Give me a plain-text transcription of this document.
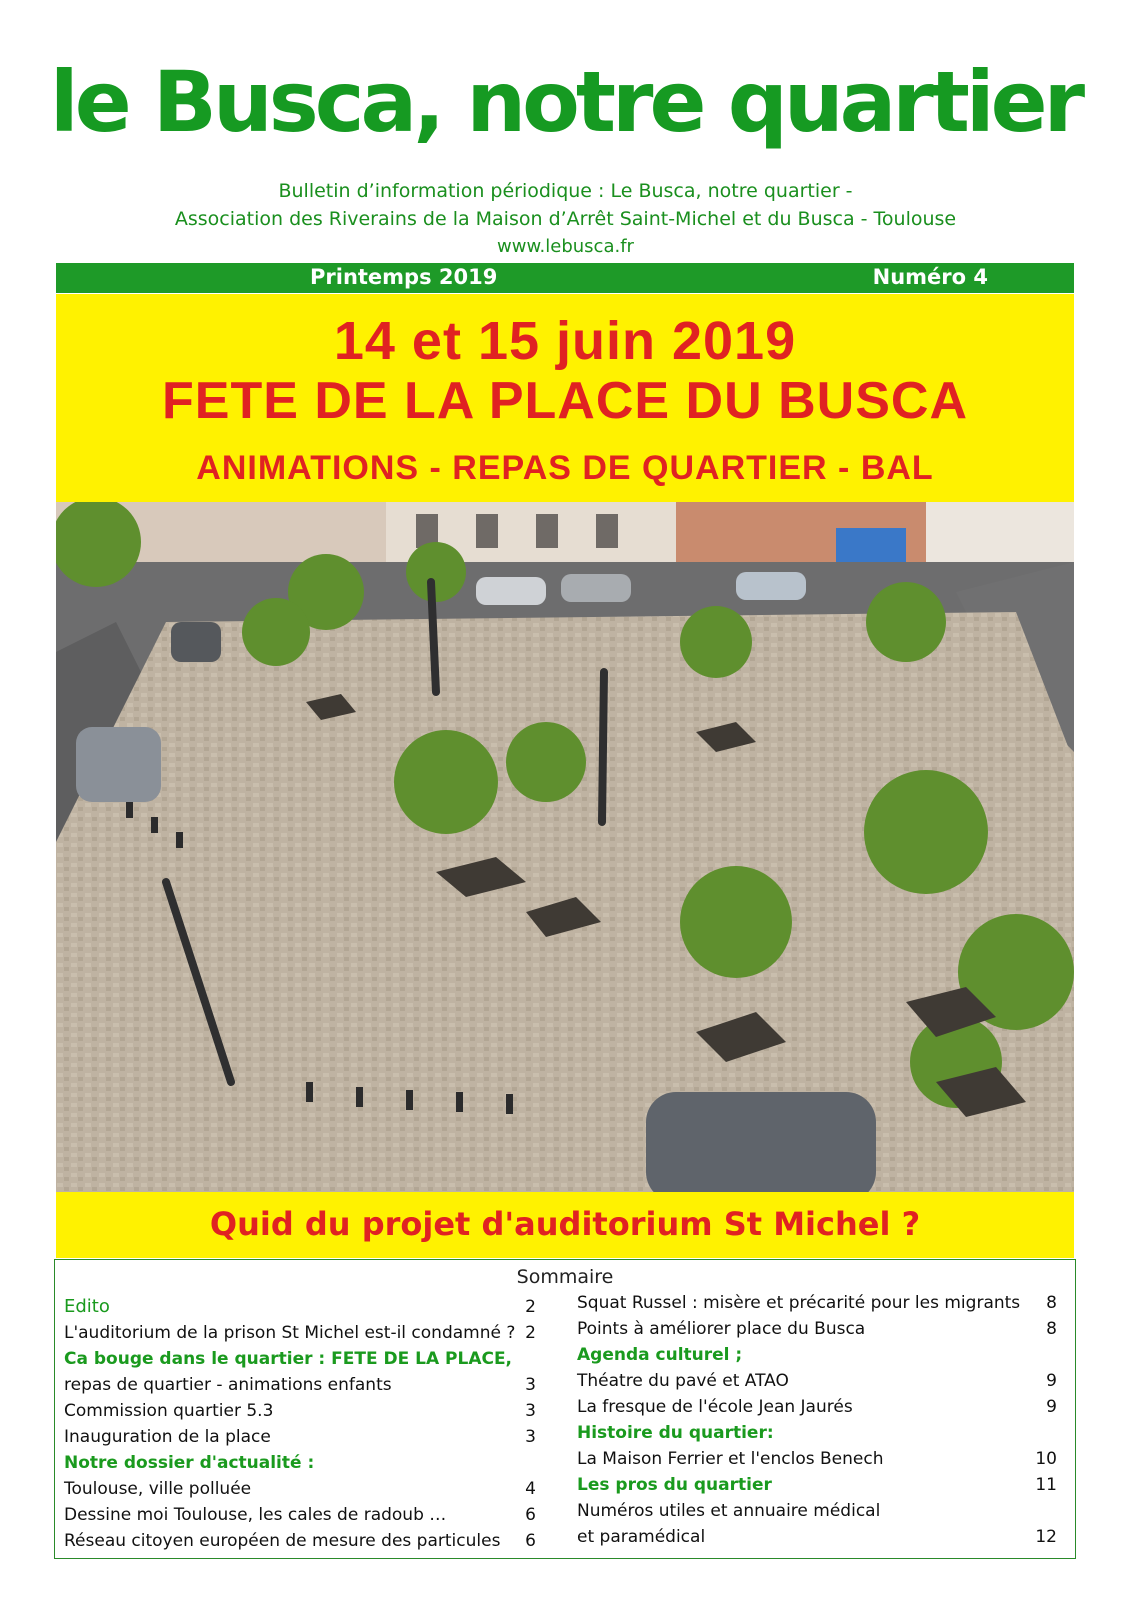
le Busca, notre quartier
Bulletin d’information périodique : Le Busca, notre quartier -
Association des Riverains de la Maison d’Arrêt Saint-Michel et du Busca - Toulouse
www.lebusca.fr
Printemps 2019	Numéro 4
14 et 15 juin 2019
FETE DE LA PLACE DU BUSCA
ANIMATIONS - REPAS DE QUARTIER - BAL
Quid du projet d'auditorium St Michel ?
Sommaire
Edito	2
L'auditorium de la prison St Michel est-il condamné ? 2
Ca bouge dans le quartier : FETE DE LA PLACE,
repas de quartier - animations enfants	3
Commission quartier 5.3	3
Inauguration de la place	3
Notre dossier d'actualité :
Toulouse, ville polluée	4
Dessine moi Toulouse, les cales de radoub …	6
Réseau citoyen européen de mesure des particules 6
Squat Russel : misère et précarité pour les migrants 8
Points à améliorer place du Busca	8
Agenda culturel ;
Théatre du pavé et ATAO	9
La fresque de l'école Jean Jaurés	9
Histoire du quartier:
La Maison Ferrier et l'enclos Benech	10
Les pros du quartier	11
Numéros utiles et annuaire médical
et paramédical	12
